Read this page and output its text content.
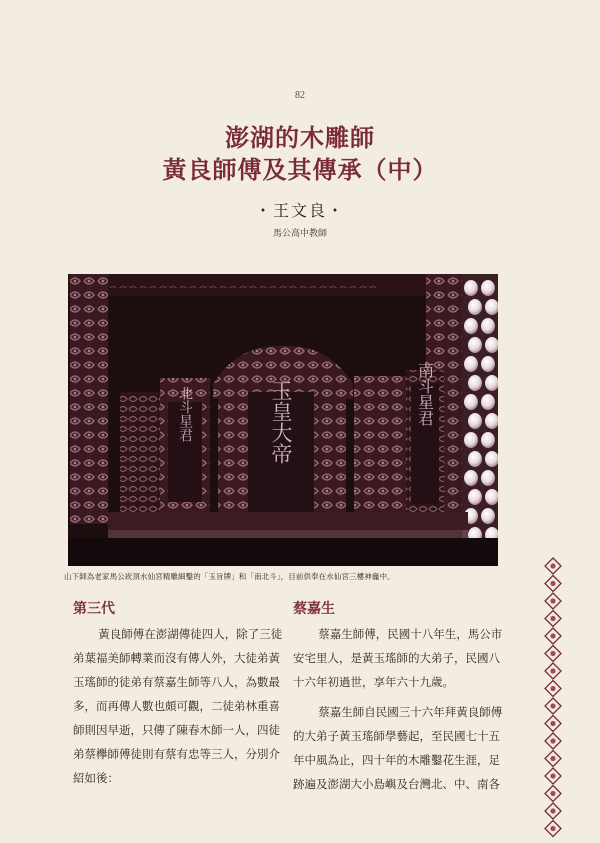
82
澎湖的木雕師
黃良師傅及其傳承（中）
・王文良・
馬公高中教師
玉皇大帝
北斗星君	南斗星君
山下師為老家馬公崁頂水仙宮精雕細鑿的「玉旨牌」和「南北斗」，目前供奉在水仙宮三樓神龕中。
第三代	蔡嘉生

黃良師傅在澎湖傳徒四人，除了三徒
弟葉福美師轉業而沒有傳人外，大徒弟黃
玉瑤師的徒弟有蔡嘉生師等八人，為數最
多，而再傳人數也頗可觀，二徒弟林重喜
師則因早逝，只傳了陳春木師一人，四徒
弟蔡欅師傅徒則有蔡有忠等三人，分別介
紹如後：

蔡嘉生師傅，民國十八年生，馬公市
安宅里人，是黃玉瑤師的大弟子，民國八
十六年初過世，享年六十九歲。

蔡嘉生師自民國三十六年拜黃良師傅
的大弟子黃玉瑤師學藝起，至民國七十五
年中風為止，四十年的木雕鑿花生涯，足
跡遍及澎湖大小島嶼及台灣北、中、南各
